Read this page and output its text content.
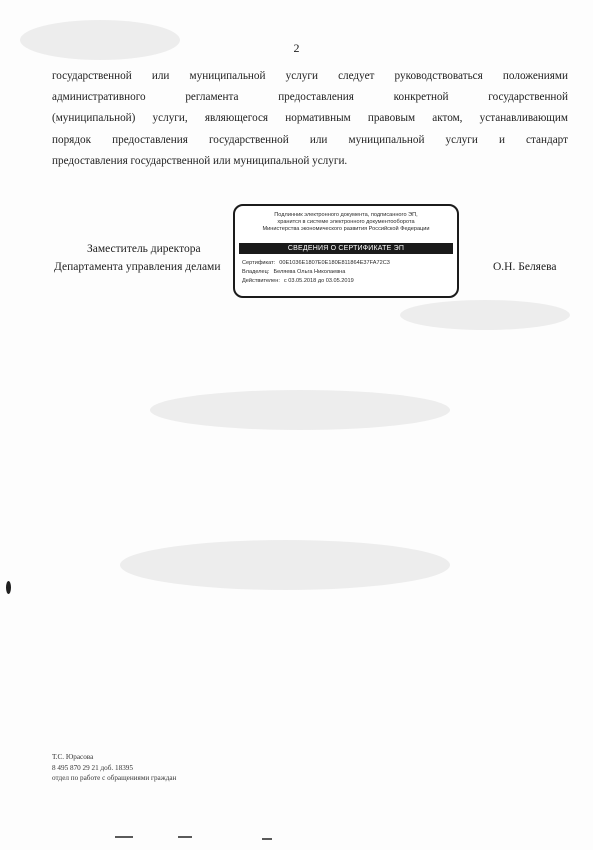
2
государственной или муниципальной услуги следует руководствоваться положениями
административного регламента предоставления конкретной государственной
(муниципальной) услуги, являющегося нормативным правовым актом, устанавливающим
порядок предоставления государственной или муниципальной услуги и стандарт
предоставления государственной или муниципальной услуги.
Заместитель директора
Департамента управления делами	О.Н. Беляева
Подлинник электронного документа, подписанного ЭП,
хранится в системе электронного документооборота
Министерства экономического развития Российской Федерации
СВЕДЕНИЯ О СЕРТИФИКАТЕ ЭП
Сертификат: 00E1036E1807E0E180E811864E37FA72C3
Владелец: Беляева Ольга Николаевна
Действителен: с 03.05.2018 до 03.05.2019
Т.С. Юрасова
8 495 870 29 21 доб. 18395
отдел по работе с обращениями граждан
